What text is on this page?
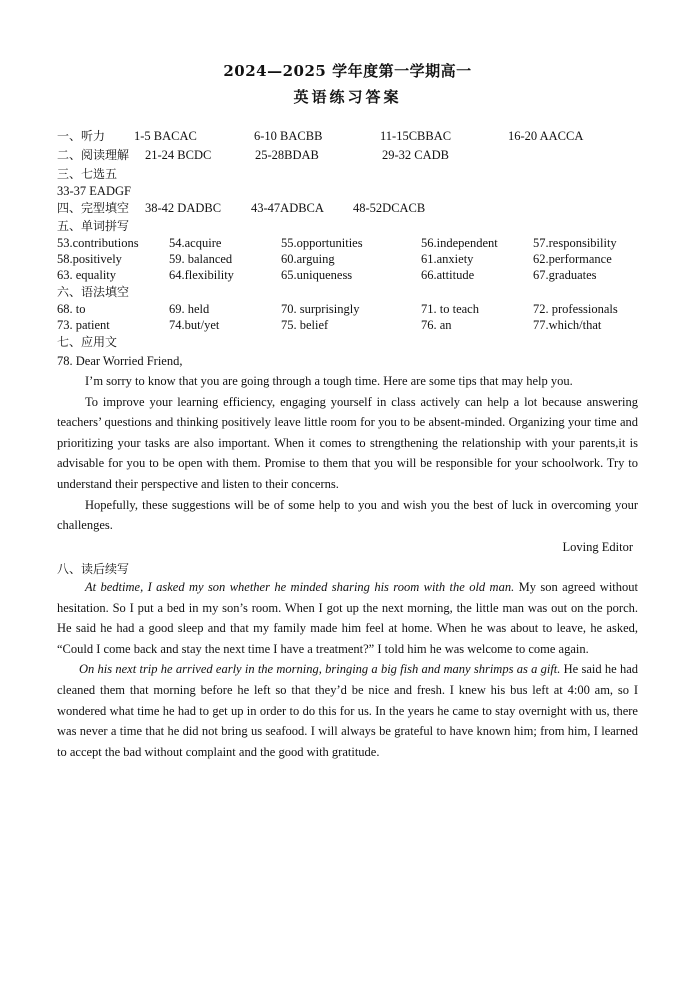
2024—2025 学年度第一学期高一
英语练习答案
一、听力 1-5 BACAC	6-10 BACBB	11-15CBBAC	16-20 AACCA
二、阅读理解 21-24 BCDC	25-28BDAB	29-32 CADB
三、七选五
33-37 EADGF
四、完型填空 38-42 DADBC 43-47ADBCA 48-52DCACB
五、单词拼写
53.contributions 54.acquire	55.opportunities	56.independent	57.responsibility
58.positively	59. balanced	60.arguing	61.anxiety	62.performance
63. equality	64.flexibility	65.uniqueness	66.attitude	67.graduates
六、语法填空
68. to	69. held	70. surprisingly	71. to teach	72. professionals
73. patient	74.but/yet	75. belief	76. an	77.which/that
七、应用文
78. Dear Worried Friend,

I’m sorry to know that you are going through a tough time. Here are some tips that may help you.

To improve your learning efficiency, engaging yourself in class actively can help a lot because answering teachers’ questions and thinking positively leave little room for you to be absent-minded. Organizing your time and prioritizing your tasks are also important. When it comes to strengthening the relationship with your parents,it is advisable for you to be open with them. Promise to them that you will be responsible for your schoolwork. Try to understand their perspective and listen to their concerns.

Hopefully, these suggestions will be of some help to you and wish you the best of luck in overcoming your challenges.

Loving Editor
八、读后续写

At bedtime, I asked my son whether he minded sharing his room with the old man. My son agreed without hesitation. So I put a bed in my son’s room. When I got up the next morning, the little man was out on the porch. He said he had a good sleep and that my family made him feel at home. When he was about to leave, he asked, “Could I come back and stay the next time I have a treatment?” I told him he was welcome to come again.

On his next trip he arrived early in the morning, bringing a big fish and many shrimps as a gift. He said he had cleaned them that morning before he left so that they’d be nice and fresh. I knew his bus left at 4:00 am, so I wondered what time he had to get up in order to do this for us. In the years he came to stay overnight with us, there was never a time that he did not bring us seafood. I will always be grateful to have known him; from him, I learned to accept the bad without complaint and the good with gratitude.
